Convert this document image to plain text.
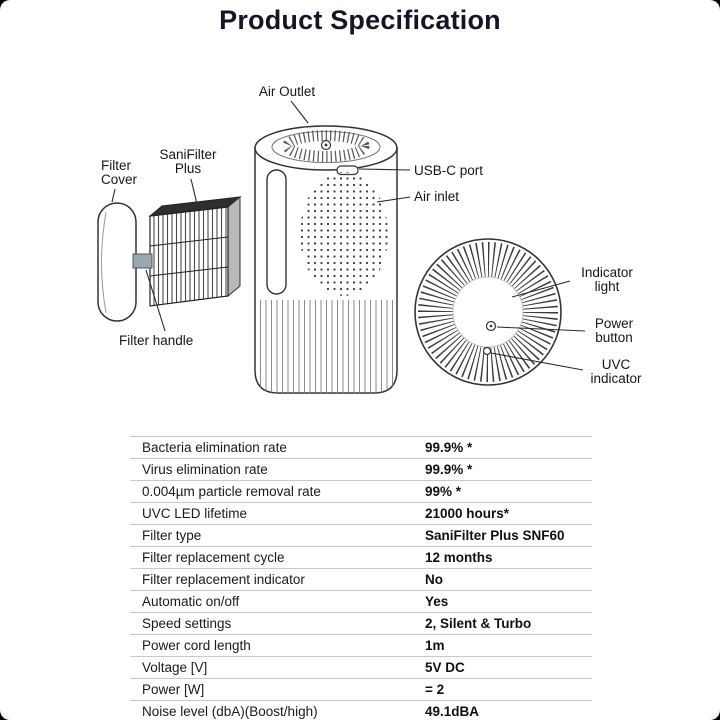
Product Specification
Air Outlet
Filter
Cover
SaniFilter
Plus	USB-C port
Air inlet
Filter handle
Indicator
light
Power
button
UVC
indicator
Bacteria elimination rate	99.9% *
Virus elimination rate	99.9% *
0.004µm particle removal rate	99% *
UVC LED lifetime	21000 hours*
Filter type	SaniFilter Plus SNF60
Filter replacement cycle	12 months
Filter replacement indicator	No
Automatic on/off	Yes
Speed settings	2, Silent & Turbo
Power cord length	1m
Voltage [V]	5V DC
Power [W]	= 2
Noise level (dbA)(Boost/high)	49.1dBA
